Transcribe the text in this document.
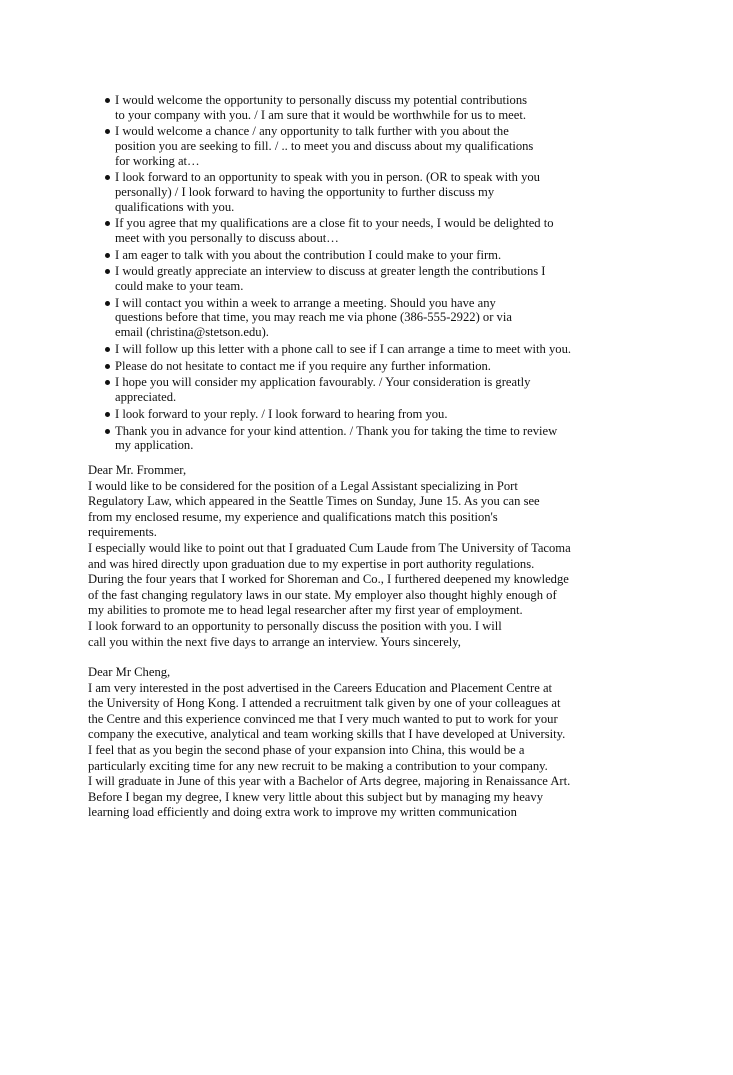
I would welcome the opportunity to personally discuss my potential contributions
to your company with you. / I am sure that it would be worthwhile for us to meet.
I would welcome a chance / any opportunity to talk further with you about the
position you are seeking to fill. / .. to meet you and discuss about my qualifications
for working at…
I look forward to an opportunity to speak with you in person. (OR to speak with you
personally) / I look forward to having the opportunity to further discuss my
qualifications with you.
If you agree that my qualifications are a close fit to your needs, I would be delighted to
meet with you personally to discuss about…
I am eager to talk with you about the contribution I could make to your firm.
I would greatly appreciate an interview to discuss at greater length the contributions I
could make to your team.
I will contact you within a week to arrange a meeting. Should you have any
questions before that time, you may reach me via phone (386-555-2922) or via
email (christina@stetson.edu).
I will follow up this letter with a phone call to see if I can arrange a time to meet with you.
Please do not hesitate to contact me if you require any further information.
I hope you will consider my application favourably. / Your consideration is greatly
appreciated.
I look forward to your reply. / I look forward to hearing from you.
Thank you in advance for your kind attention. / Thank you for taking the time to review
my application.
Dear Mr. Frommer,
I would like to be considered for the position of a Legal Assistant specializing in Port
Regulatory Law, which appeared in the Seattle Times on Sunday, June 15. As you can see
from my enclosed resume, my experience and qualifications match this position's
requirements.
I especially would like to point out that I graduated Cum Laude from The University of Tacoma
and was hired directly upon graduation due to my expertise in port authority regulations.
During the four years that I worked for Shoreman and Co., I furthered deepened my knowledge
of the fast changing regulatory laws in our state. My employer also thought highly enough of
my abilities to promote me to head legal researcher after my first year of employment.
I look forward to an opportunity to personally discuss the position with you. I will
call you within the next five days to arrange an interview. Yours sincerely,
Dear Mr Cheng,
I am very interested in the post advertised in the Careers Education and Placement Centre at
the University of Hong Kong. I attended a recruitment talk given by one of your colleagues at
the Centre and this experience convinced me that I very much wanted to put to work for your
company the executive, analytical and team working skills that I have developed at University.
I feel that as you begin the second phase of your expansion into China, this would be a
particularly exciting time for any new recruit to be making a contribution to your company.
I will graduate in June of this year with a Bachelor of Arts degree, majoring in Renaissance Art.
Before I began my degree, I knew very little about this subject but by managing my heavy
learning load efficiently and doing extra work to improve my written communication
